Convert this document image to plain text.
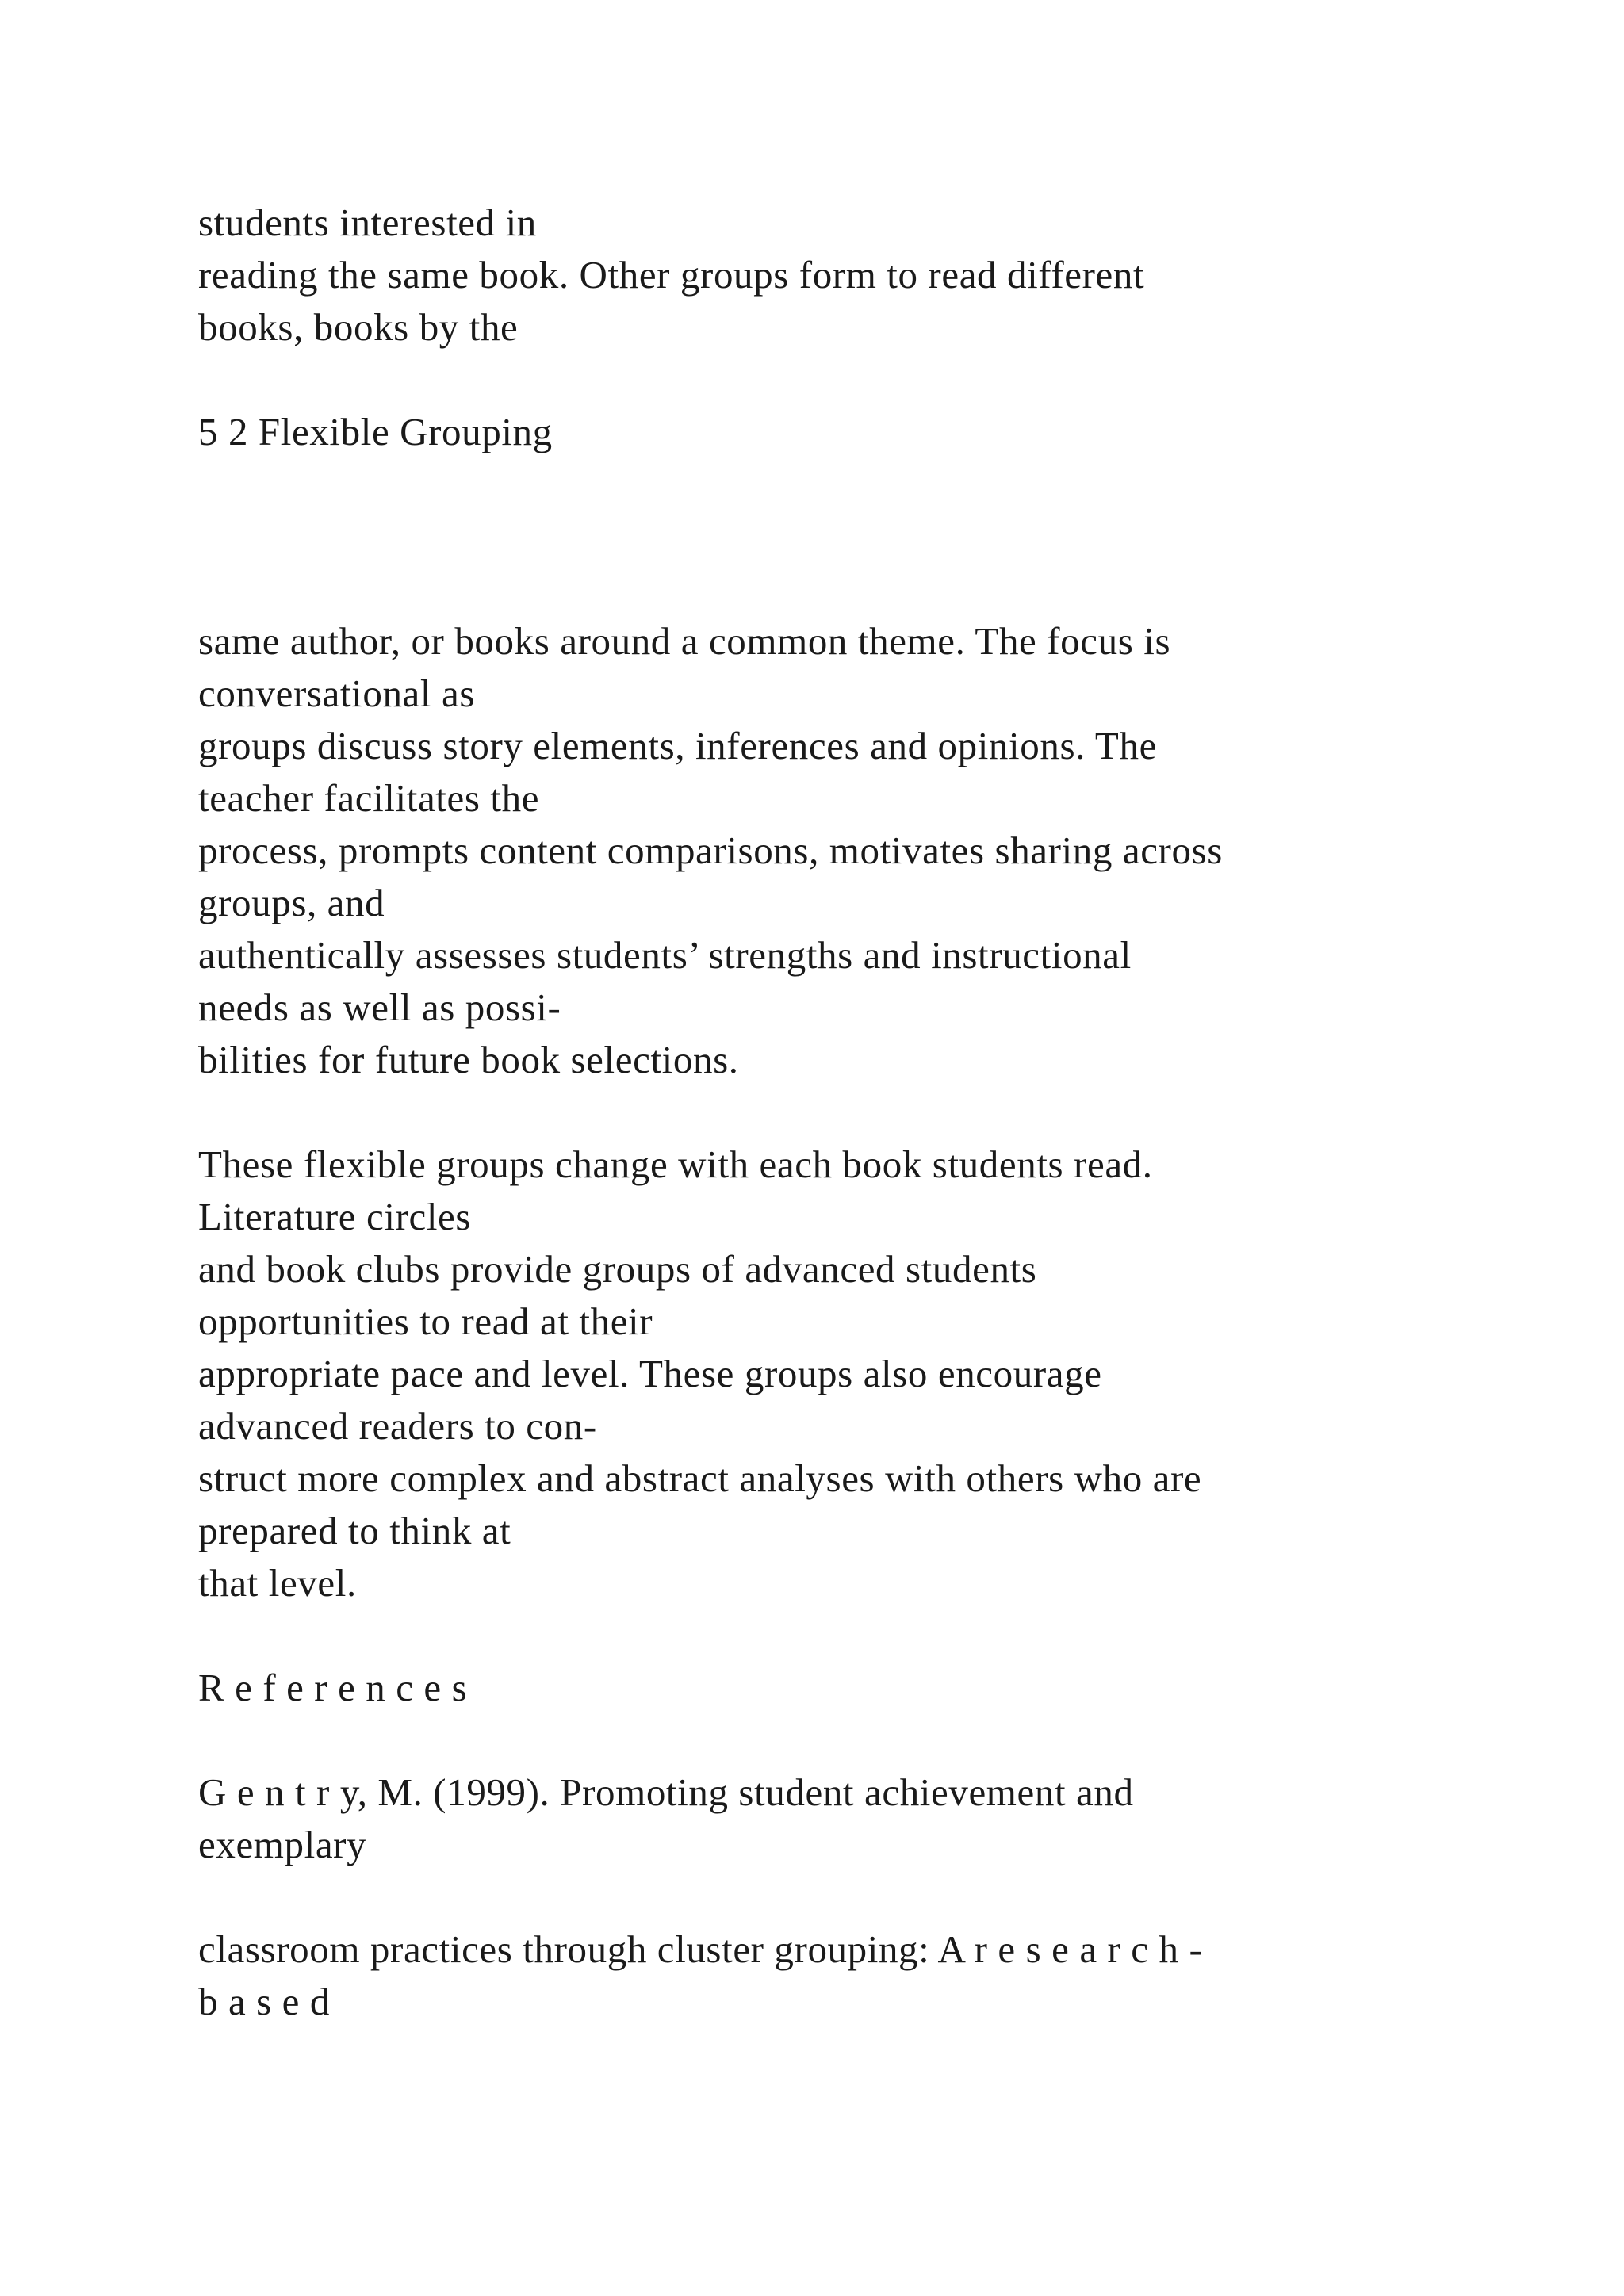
students interested in
reading the same book. Other groups form to read different
books, books by the
5 2 Flexible Grouping
same author, or books around a common theme. The focus is
conversational as
groups discuss story elements, inferences and opinions. The
teacher facilitates the
process, prompts content comparisons, motivates sharing across
groups, and
authentically assesses students’ strengths and instructional
needs as well as possi-
bilities for future book selections.
These flexible groups change with each book students read.
Literature circles
and book clubs provide groups of advanced students
opportunities to read at their
appropriate pace and level. These groups also encourage
advanced readers to con-
struct more complex and abstract analyses with others who are
prepared to think at
that level.
R e f e r e n c e s
G e n t r y, M. (1999). Promoting student achievement and
exemplary
classroom practices through cluster grouping: A r e s e a r c h -
b a s e d
